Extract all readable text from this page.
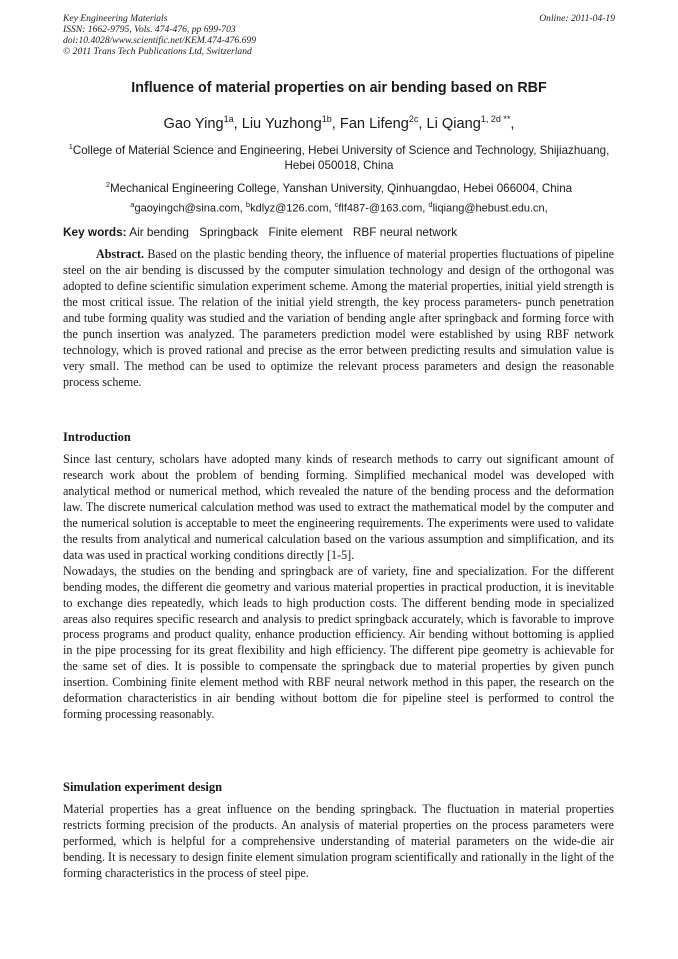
Key Engineering Materials
ISSN: 1662-9795, Vols. 474-476, pp 699-703
doi:10.4028/www.scientific.net/KEM.474-476.699
© 2011 Trans Tech Publications Ltd, Switzerland
Online: 2011-04-19
Influence of material properties on air bending based on RBF
Gao Ying$^{1a}$, Liu Yuzhong$^{1b}$, Fan Lifeng$^{2c}$, Li Qiang$^{1, 2d **}$,
$^1$College of Material Science and Engineering, Hebei University of Science and Technology, Shijiazhuang, Hebei 050018, China
$^2$Mechanical Engineering College, Yanshan University, Qinhuangdao, Hebei 066004, China
$^a$gaoyingch@sina.com, $^b$kdlyz@126.com, $^c$flf487-@163.com, $^d$liqiang@hebust.edu.cn,
Key words: Air bending Springback Finite element RBF neural network

Abstract. Based on the plastic bending theory, the influence of material properties fluctuations of pipeline steel on the air bending is discussed by the computer simulation technology and design of the orthogonal was adopted to define scientific simulation experiment scheme. Among the material properties, initial yield strength is the most critical issue. The relation of the initial yield strength, the key process parameters- punch penetration and tube forming quality was studied and the variation of bending angle after springback and forming force with the punch insertion was analyzed. The parameters prediction model were established by using RBF network technology, which is proved rational and precise as the error between predicting results and simulation value is very small. The method can be used to optimize the relevant process parameters and design the reasonable process scheme.

Introduction

Since last century, scholars have adopted many kinds of research methods to carry out significant amount of research work about the problem of bending forming. Simplified mechanical model was developed with analytical method or numerical method, which revealed the nature of the bending process and the deformation law. The discrete numerical calculation method was used to extract the mathematical model by the computer and the numerical solution is acceptable to meet the engineering requirements. The experiments were used to validate the results from analytical and numerical calculation based on the various assumption and simplification, and its data was used in practical working conditions directly [1-5].

Nowadays, the studies on the bending and springback are of variety, fine and specialization. For the different bending modes, the different die geometry and various material properties in practical production, it is inevitable to exchange dies repeatedly, which leads to high production costs. The different bending mode in specialized areas also requires specific research and analysis to predict springback accurately, which is favorable to improve process programs and product quality, enhance production efficiency. Air bending without bottoming is applied in the pipe processing for its great flexibility and high efficiency. The different pipe geometry is achievable for the same set of dies. It is possible to compensate the springback due to material properties by given punch insertion. Combining finite element method with RBF neural network method in this paper, the research on the deformation characteristics in air bending without bottom die for pipeline steel is performed to control the forming processing reasonably.

Simulation experiment design

Material properties has a great influence on the bending springback. The fluctuation in material properties restricts forming precision of the products. An analysis of material properties on the process parameters were performed, which is helpful for a comprehensive understanding of material parameters on the wide-die air bending. It is necessary to design finite element simulation program scientifically and rationally in the light of the forming characteristics in the process of steel pipe.
